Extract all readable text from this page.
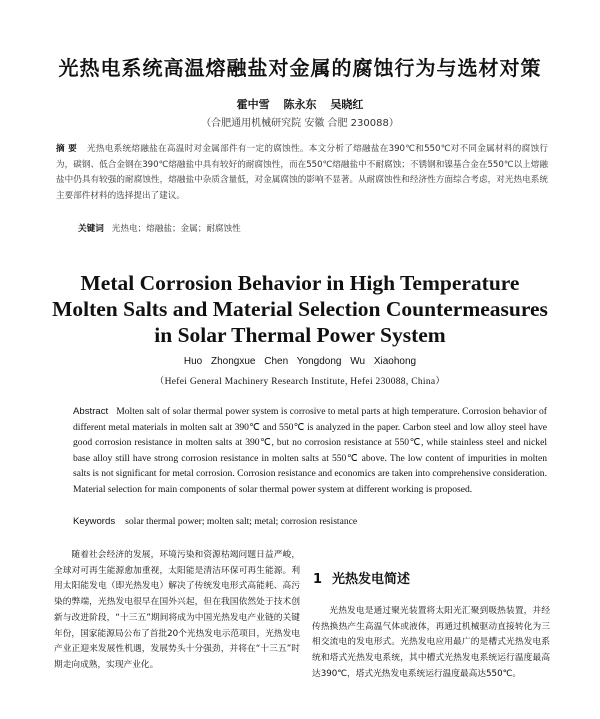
光热电系统高温熔融盐对金属的腐蚀行为与选材对策
霍中雪 陈永东 吴晓红
（合肥通用机械研究院 安徽 合肥 230088）
摘 要 光热电系统熔融盐在高温时对金属部件有一定的腐蚀性。本文分析了熔融盐在390℃和550℃对不同金属材料的腐蚀行为，碳钢、低合金钢在390℃熔融盐中具有较好的耐腐蚀性，而在550℃熔融盐中不耐腐蚀；不锈钢和镍基合金在550℃以上熔融盐中仍具有较强的耐腐蚀性，熔融盐中杂质含量低，对金属腐蚀的影响不显著。从耐腐蚀性和经济性方面综合考虑，对光热电系统主要部件材料的选择提出了建议。
关键词 光热电；熔融盐；金属；耐腐蚀性
Metal Corrosion Behavior in High Temperature
Molten Salts and Material Selection Countermeasures
in Solar Thermal Power System
Huo Zhongxue Chen Yongdong Wu Xiaohong
（Hefei General Machinery Research Institute, Hefei 230088, China）
Abstract Molten salt of solar thermal power system is corrosive to metal parts at high temperature. Corrosion behavior of different metal materials in molten salt at 390℃ and 550℃ is analyzed in the paper. Carbon steel and low alloy steel have good corrosion resistance in molten salts at 390℃, but no corrosion resistance at 550℃, while stainless steel and nickel base alloy still have strong corrosion resistance in molten salts at 550℃ above. The low content of impurities in molten salts is not significant for metal corrosion. Corrosion resistance and economics are taken into comprehensive consideration. Material selection for main components of solar thermal power system at different working is proposed.
Keywords solar thermal power; molten salt; metal; corrosion resistance
随着社会经济的发展，环境污染和资源枯竭问题日益严峻，全球对可再生能源愈加重视，太阳能是清洁环保可再生能源。利用太阳能发电（即光热发电）解决了传统发电形式高能耗、高污染的弊端，光热发电很早在国外兴起，但在我国依然处于技术创新与改进阶段，“十三五”期间将成为中国光热发电产业链的关键年份，国家能源局公布了首批20个光热发电示范项目，光热发电产业正迎来发展性机遇，发展势头十分强劲，并将在“十三五”时期走向成熟，实现产业化。
1 光热发电简述
光热发电是通过聚光装置将太阳光汇聚到吸热装置，并经传热换热产生高温气体或液体，再通过机械驱动直接转化为三相交流电的发电形式。光热发电应用最广的是槽式光热发电系统和塔式光热发电系统，其中槽式光热发电系统运行温度最高达390℃，塔式光热发电系统运行温度最高达550℃。
